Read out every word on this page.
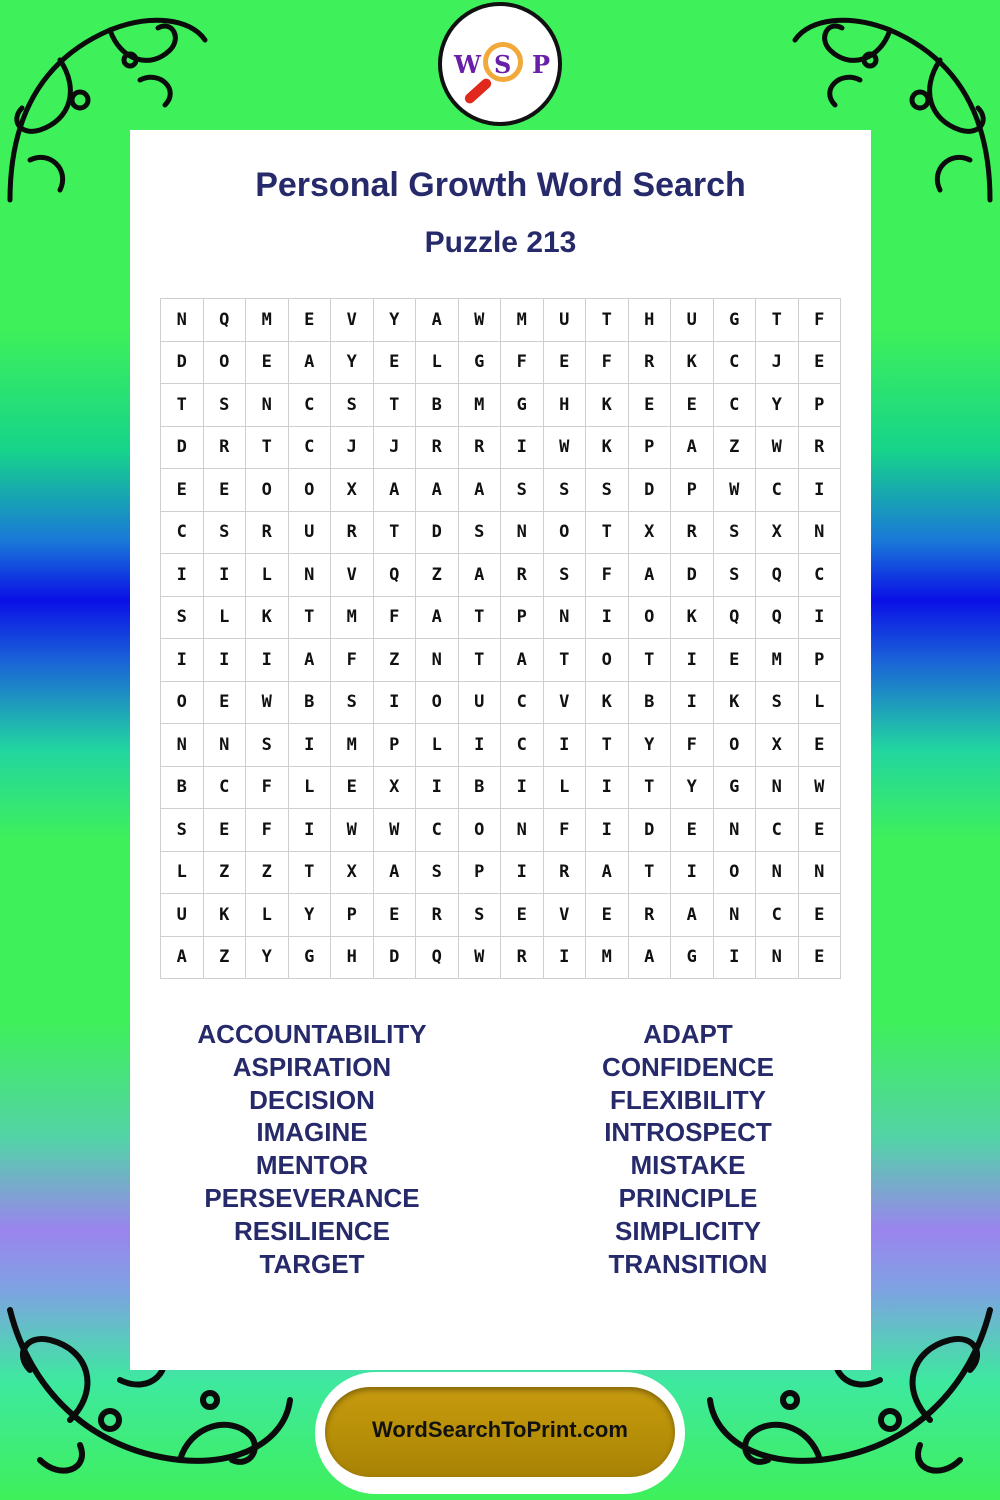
W S P
Personal Growth Word Search
Puzzle 213
N	Q	M	E	V	Y	A	W	M	U	T	H	U	G	T	F
D	O	E	A	Y	E	L	G	F	E	F	R	K	C	J	E
T	S	N	C	S	T	B	M	G	H	K	E	E	C	Y	P
D	R	T	C	J	J	R	R	I	W	K	P	A	Z	W	R
E	E	O	O	X	A	A	A	S	S	S	D	P	W	C	I
C	S	R	U	R	T	D	S	N	O	T	X	R	S	X	N
I	I	L	N	V	Q	Z	A	R	S	F	A	D	S	Q	C
S	L	K	T	M	F	A	T	P	N	I	O	K	Q	Q	I
I	I	I	A	F	Z	N	T	A	T	O	T	I	E	M	P
O	E	W	B	S	I	O	U	C	V	K	B	I	K	S	L
N	N	S	I	M	P	L	I	C	I	T	Y	F	O	X	E
B	C	F	L	E	X	I	B	I	L	I	T	Y	G	N	W
S	E	F	I	W	W	C	O	N	F	I	D	E	N	C	E
L	Z	Z	T	X	A	S	P	I	R	A	T	I	O	N	N
U	K	L	Y	P	E	R	S	E	V	E	R	A	N	C	E
A	Z	Y	G	H	D	Q	W	R	I	M	A	G	I	N	E
ACCOUNTABILITY
ASPIRATION
DECISION
IMAGINE
MENTOR
PERSEVERANCE
RESILIENCE
TARGET
ADAPT
CONFIDENCE
FLEXIBILITY
INTROSPECT
MISTAKE
PRINCIPLE
SIMPLICITY
TRANSITION
WordSearchToPrint.com
